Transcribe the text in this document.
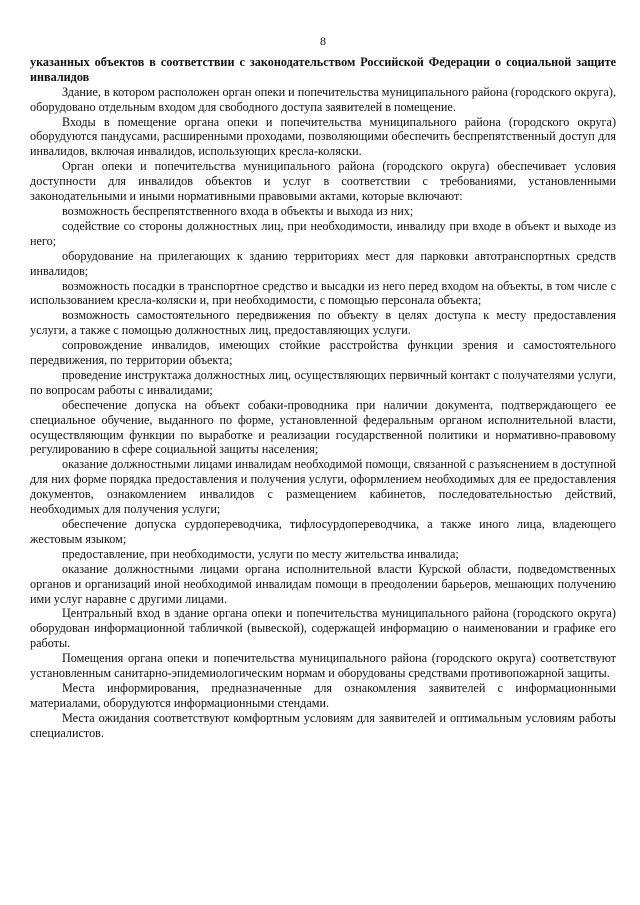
8

указанных объектов в соответствии с законодательством Российской Федерации о социальной защите инвалидов

Здание, в котором расположен орган опеки и попечительства муниципального района (городского округа), оборудовано отдельным входом для свободного доступа заявителей в помещение.

Входы в помещение органа опеки и попечительства муниципального района (городского округа) оборудуются пандусами, расширенными проходами, позволяющими обеспечить беспрепятственный доступ для инвалидов, включая инвалидов, использующих кресла-коляски.

Орган опеки и попечительства муниципального района (городского округа) обеспечивает условия доступности для инвалидов объектов и услуг в соответствии с требованиями, установленными законодательными и иными нормативными правовыми актами, которые включают:

возможность беспрепятственного входа в объекты и выхода из них;

содействие со стороны должностных лиц, при необходимости, инвалиду при входе в объект и выходе из него;

оборудование на прилегающих к зданию территориях мест для парковки автотранспортных средств инвалидов;

возможность посадки в транспортное средство и высадки из него перед входом на объекты, в том числе с использованием кресла-коляски и, при необходимости, с помощью персонала объекта;

возможность самостоятельного передвижения по объекту в целях доступа к месту предоставления услуги, а также с помощью должностных лиц, предоставляющих услуги.

сопровождение инвалидов, имеющих стойкие расстройства функции зрения и самостоятельного передвижения, по территории объекта;

проведение инструктажа должностных лиц, осуществляющих первичный контакт с получателями услуги, по вопросам работы с инвалидами;

обеспечение допуска на объект собаки-проводника при наличии документа, подтверждающего ее специальное обучение, выданного по форме, установленной федеральным органом исполнительной власти, осуществляющим функции по выработке и реализации государственной политики и нормативно-правовому регулированию в сфере социальной защиты населения;

оказание должностными лицами инвалидам необходимой помощи, связанной с разъяснением в доступной для них форме порядка предоставления и получения услуги, оформлением необходимых для ее предоставления документов, ознакомлением инвалидов с размещением кабинетов, последовательностью действий, необходимых для получения услуги;

обеспечение допуска сурдопереводчика, тифлосурдопереводчика, а также иного лица, владеющего жестовым языком;

предоставление, при необходимости, услуги по месту жительства инвалида;

оказание должностными лицами органа исполнительной власти Курской области, подведомственных органов и организаций иной необходимой инвалидам помощи в преодолении барьеров, мешающих получению ими услуг наравне с другими лицами.

Центральный вход в здание органа опеки и попечительства муниципального района (городского округа) оборудован информационной табличкой (вывеской), содержащей информацию о наименовании и графике его работы.

Помещения органа опеки и попечительства муниципального района (городского округа) соответствуют установленным санитарно-эпидемиологическим нормам и оборудованы средствами противопожарной защиты.

Места информирования, предназначенные для ознакомления заявителей с информационными материалами, оборудуются информационными стендами.

Места ожидания соответствуют комфортным условиям для заявителей и оптимальным условиям работы специалистов.
